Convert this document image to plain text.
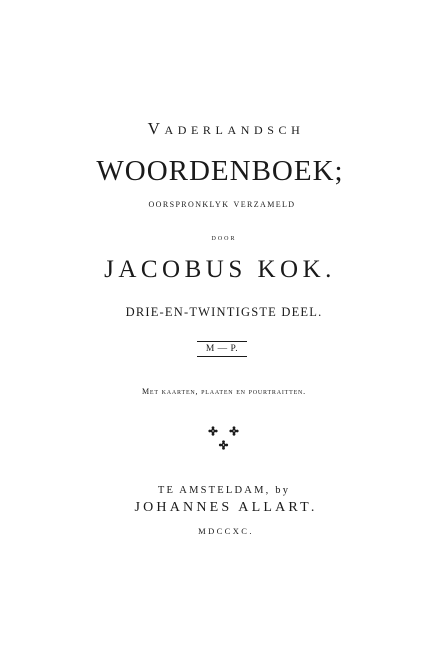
Vaderlandsch
WOORDENBOEK;
oorspronklyk verzameld
door
JACOBUS KOK.
DRIE-EN-TWINTIGSTE DEEL.
M — P.
Met kaarten, plaaten en pourtraitten.
TE AMSTELDAM, by
JOHANNES ALLART.
MDCCXC.
